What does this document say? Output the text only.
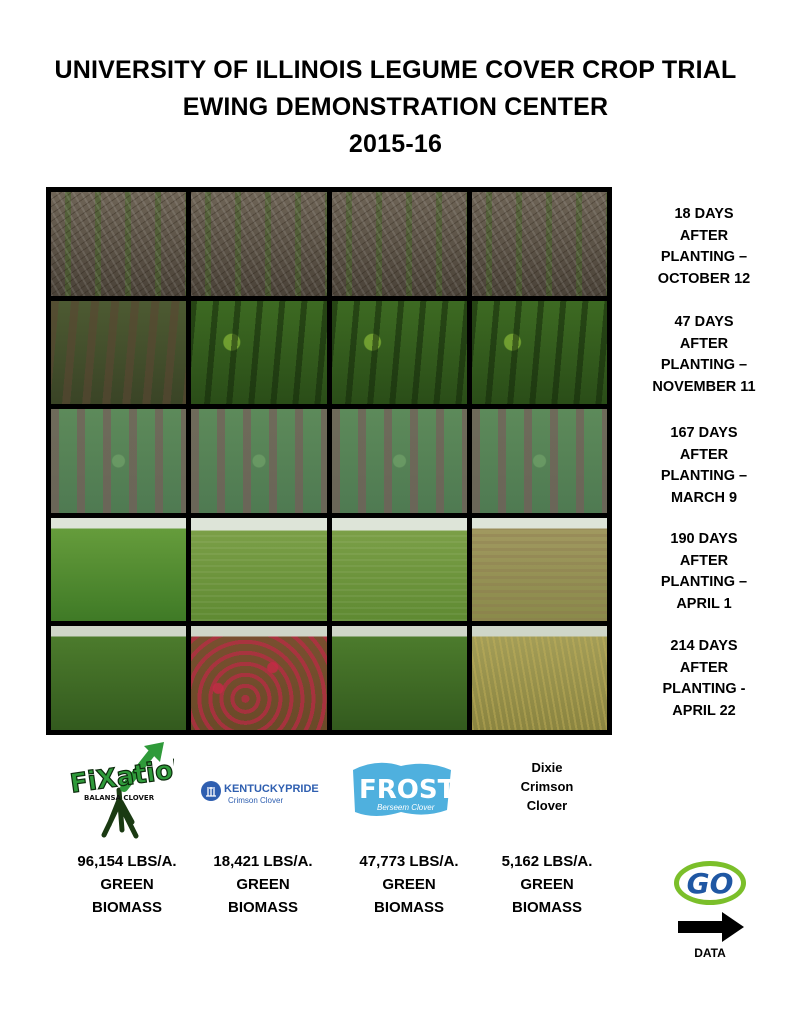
UNIVERSITY OF ILLINOIS LEGUME COVER CROP TRIAL
EWING DEMONSTRATION CENTER
2015-16
18 DAYS
AFTER
PLANTING –
OCTOBER 12
47 DAYS
AFTER
PLANTING –
NOVEMBER 11
167 DAYS
AFTER
PLANTING –
MARCH 9
190 DAYS
AFTER
PLANTING –
APRIL 1
214 DAYS
AFTER
PLANTING -
APRIL 22
FiXatioN
BALANSA CLOVER
KENTUCKYPRIDE
Crimson Clover	FROST
Berseem Clover
Dixie
Crimson
Clover
96,154 LBS/A.
GREEN
BIOMASS
18,421 LBS/A.
GREEN
BIOMASS
47,773 LBS/A.
GREEN
BIOMASS
5,162 LBS/A.
GREEN
BIOMASS
GO
DATA
